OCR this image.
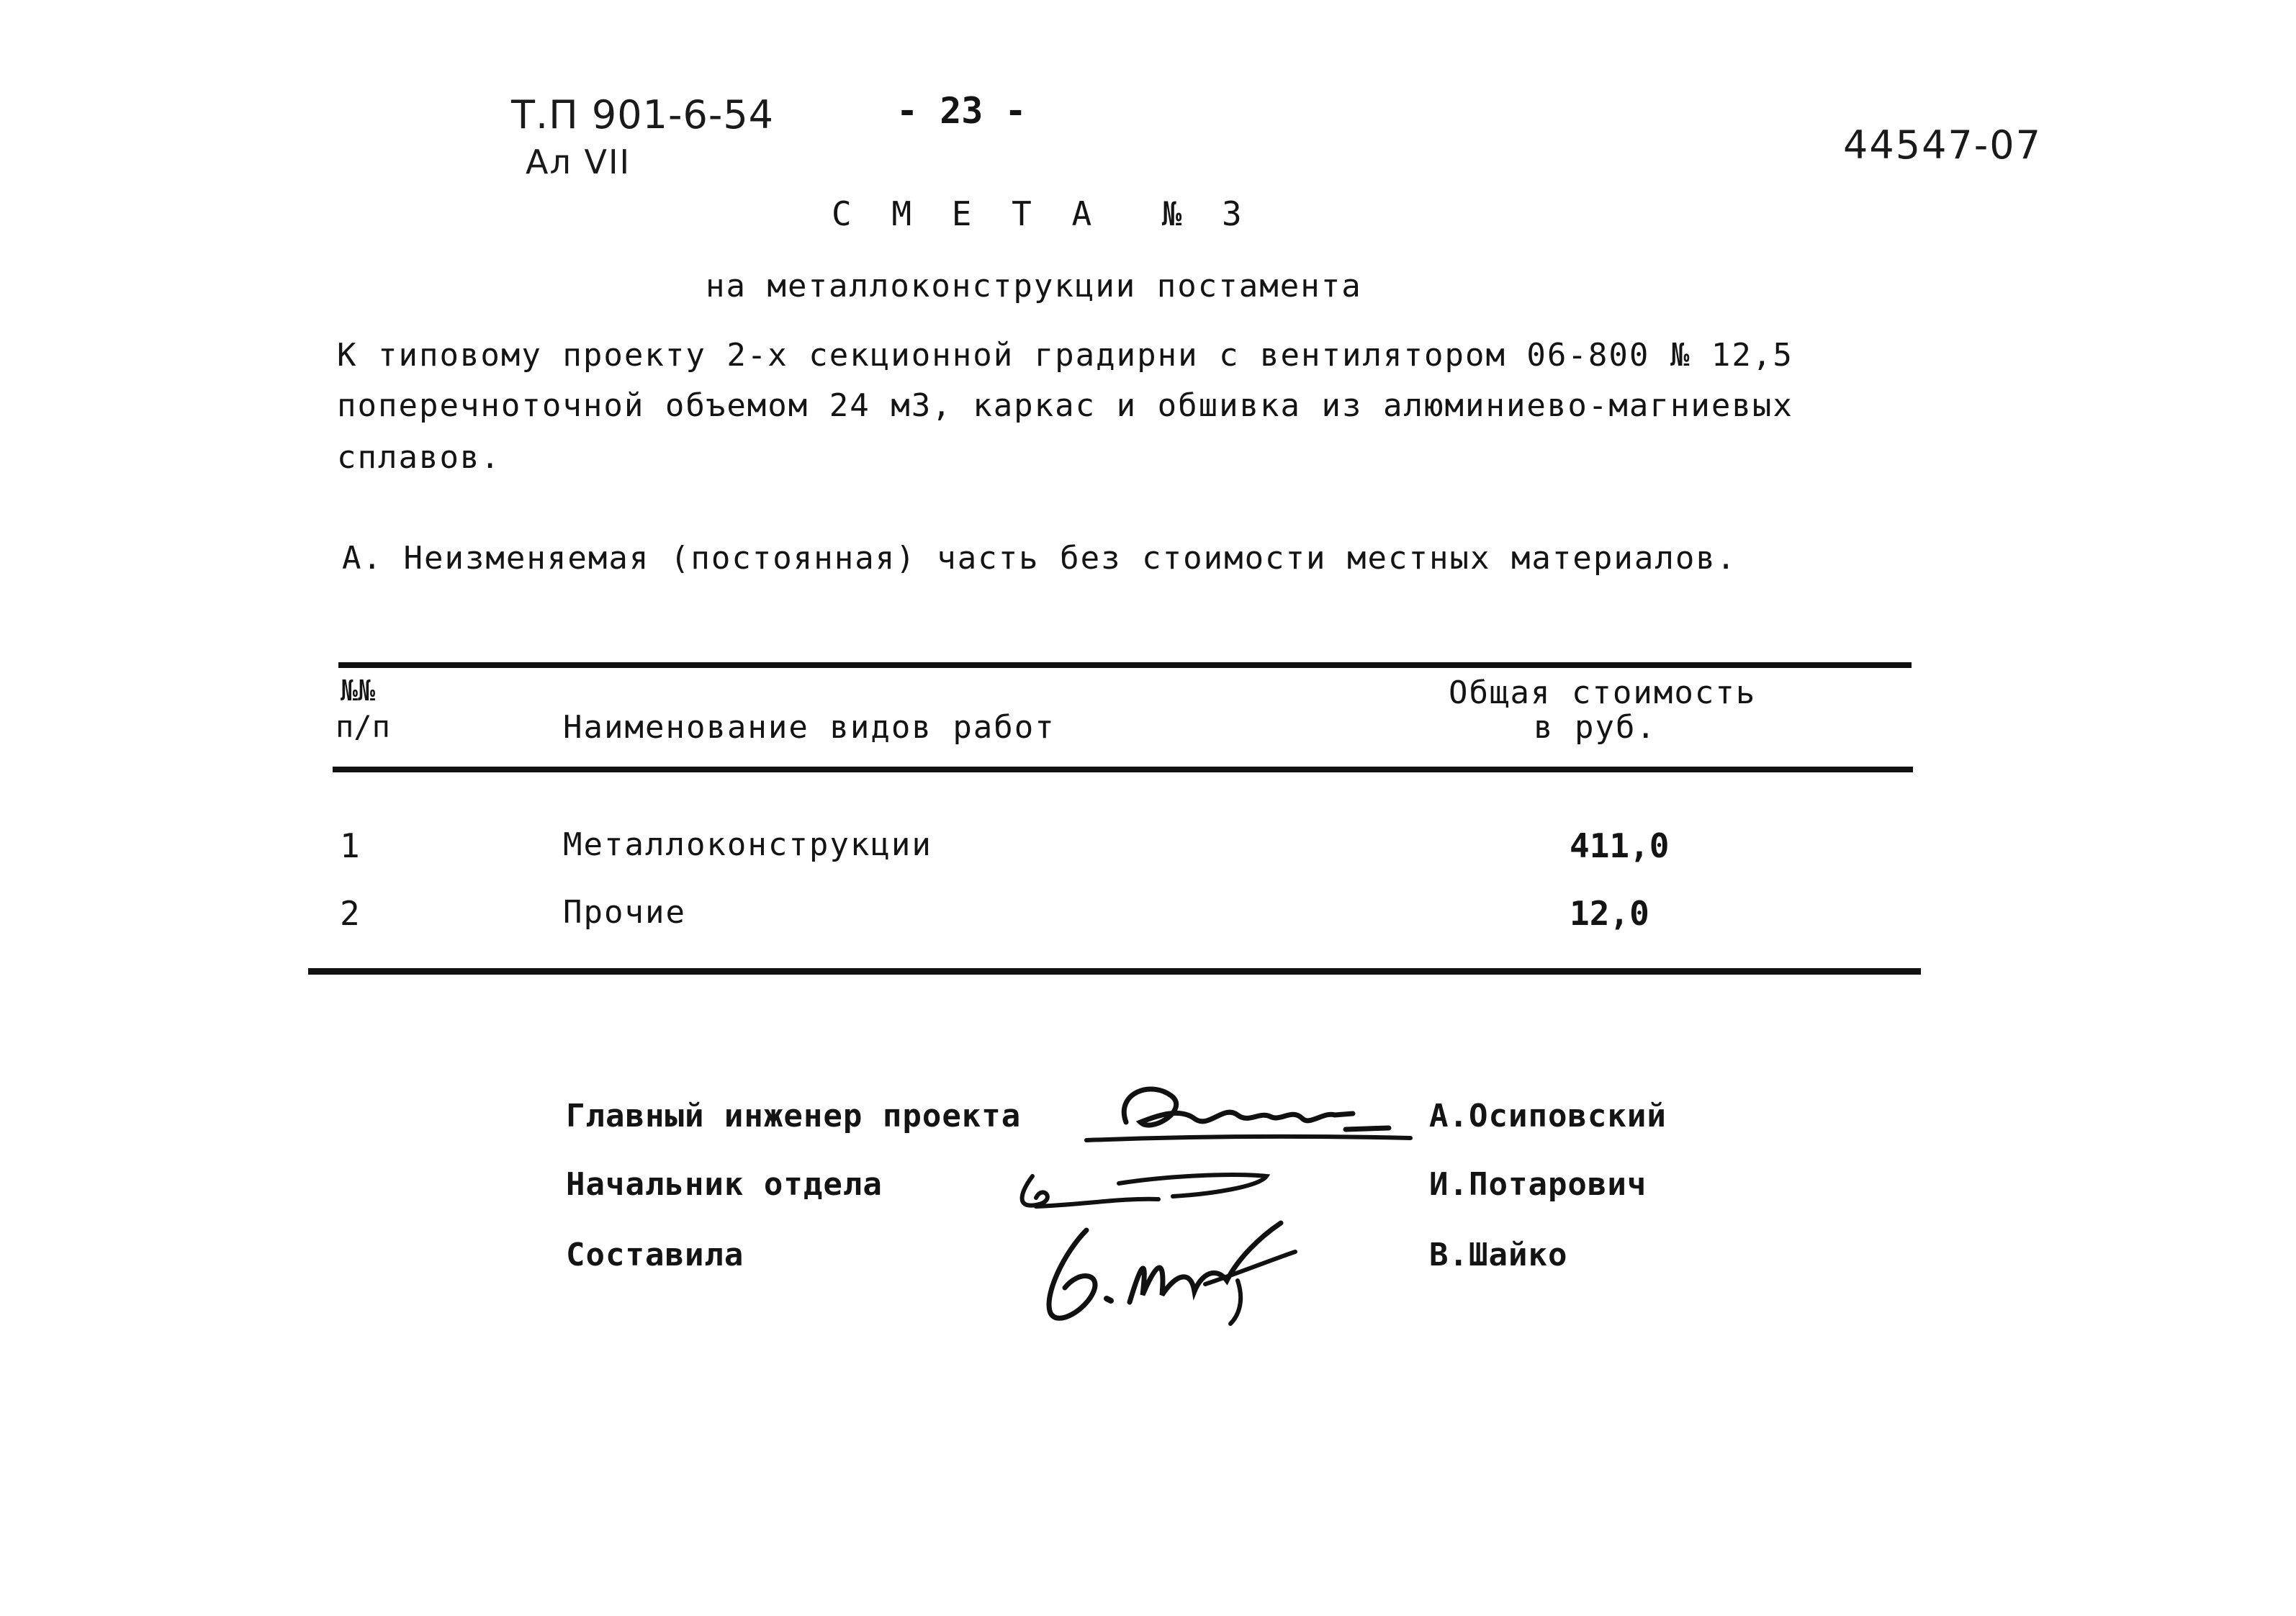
Т.П 901-6-54
Ал VII
- 23 -
44547-07
С М Е Т А  № 3
на металлоконструкции постамента
К типовому проекту 2-х секционной градирни с вентилятором 06-800 № 12,5
поперечноточной объемом 24 м3, каркас и обшивка из алюминиево-магниевых
сплавов.
А. Неизменяемая (постоянная) часть без стоимости местных материалов.
№№
п/п	Наименование видов работ
Общая стоимость
в руб.
1	Металлоконструкции	411,0
2	Прочие	12,0
Главный инженер проекта

	А.Осиповский
Начальник отдела

	И.Потарович
Составила

	В.Шайко
